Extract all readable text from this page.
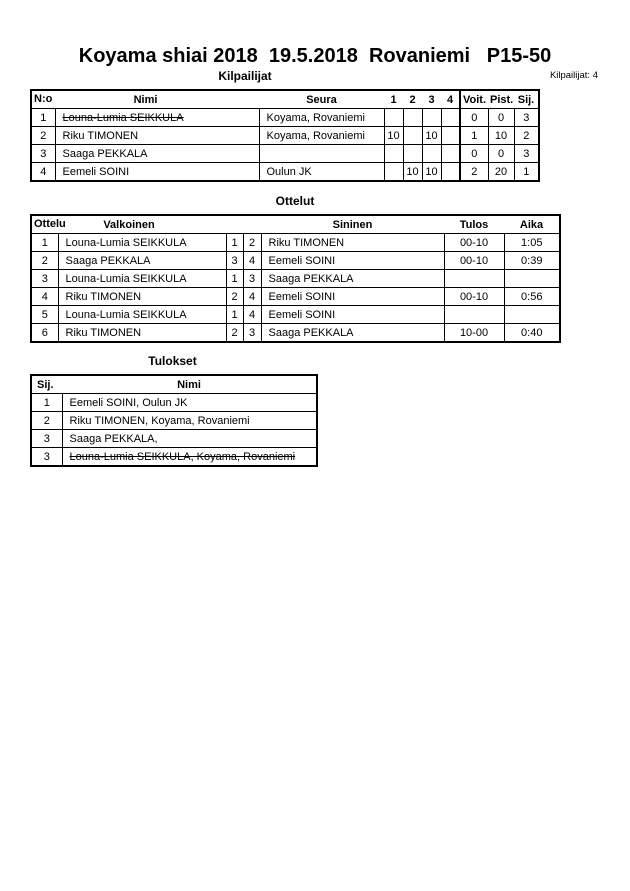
Koyama shiai 2018  19.5.2018  Rovaniemi   P15-50
Kilpailijat	Kilpailijat: 4
N:o Nimi		Seura	1	2	3	4	Voit.	Pist.	Sij.
1	Louna-Lumia SEIKKULA	Koyama, Rovaniemi					0	0	3
2	Riku TIMONEN	Koyama, Rovaniemi	10		10		1	10	2
3	Saaga PEKKALA						0	0	3
4	Eemeli SOINI	Oulun JK		10	10		2	20	1
Ottelut
Ottelu Valkoinen				Sininen	Tulos	Aika
1	Louna-Lumia SEIKKULA	1	2	Riku TIMONEN	00-10	1:05
2	Saaga PEKKALA	3	4	Eemeli SOINI	00-10	0:39
3	Louna-Lumia SEIKKULA	1	3	Saaga PEKKALA		
4	Riku TIMONEN	2	4	Eemeli SOINI	00-10	0:56
5	Louna-Lumia SEIKKULA	1	4	Eemeli SOINI		
6	Riku TIMONEN	2	3	Saaga PEKKALA	10-00	0:40
Tulokset
Sij.	Nimi
1	Eemeli SOINI, Oulun JK
2	Riku TIMONEN, Koyama, Rovaniemi
3	Saaga PEKKALA,
3	Louna-Lumia SEIKKULA, Koyama, Rovaniemi
